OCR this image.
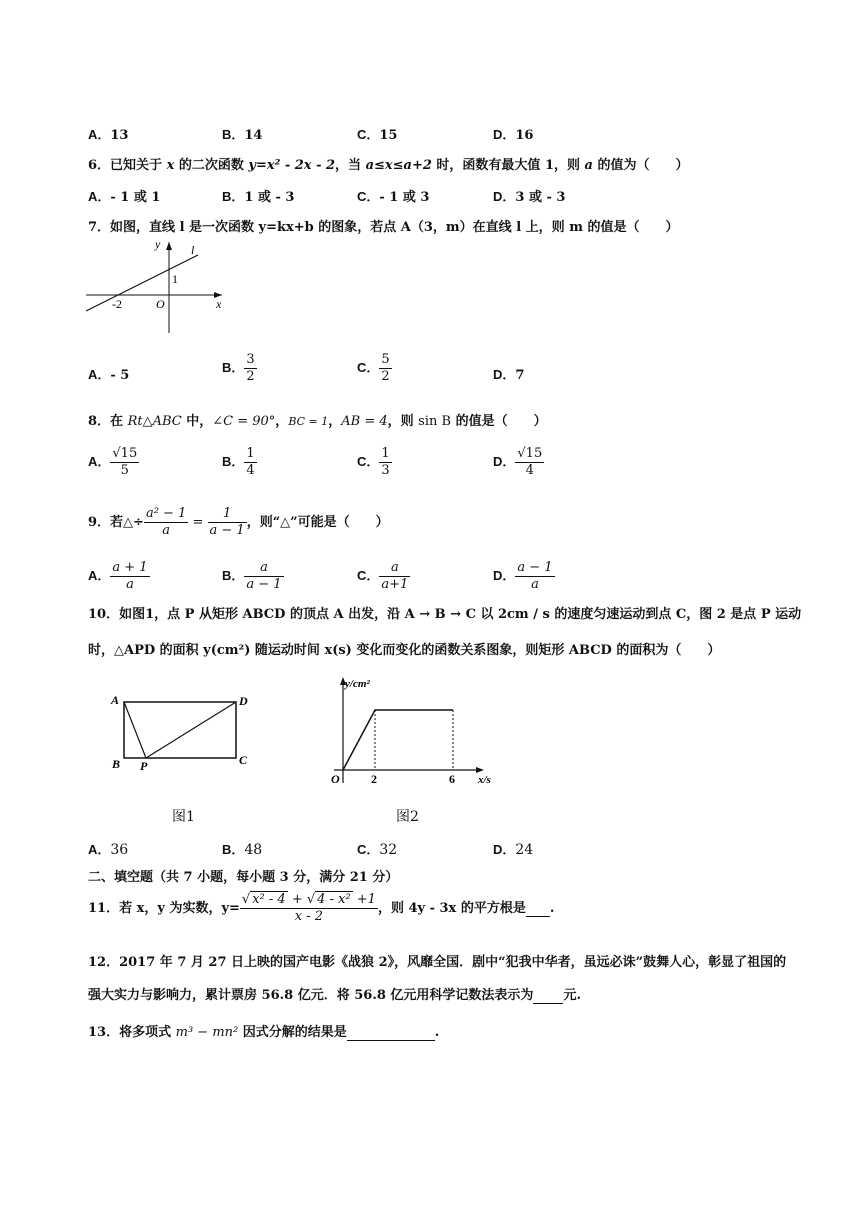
A．13	B．14	C．15	D．16
6．已知关于 x 的二次函数 y=x² - 2x - 2，当 a≤x≤a+2 时，函数有最大值 1，则 a 的值为（　　）
A．- 1 或 1	B．1 或 - 3	C．- 1 或 3	D．3 或 - 3
7．如图，直线 l 是一次函数 y=kx+b 的图象，若点 A（3，m）在直线 l 上，则 m 的值是（　　）
y
x
l
1
-2	O
A．- 5
B． $\frac{3}{2}$	C． $\frac{5}{2}$	D．7
8．在 Rt△ABC 中，∠C = 90°，BC = 1，AB = 4，则 sin B 的值是（　　）
A． $\frac{√15}{5}$	B． $\frac{1}{4}$	C． $\frac{1}{3}$	D． $\frac{√15}{4}$
9．若△÷ $\frac{\text{a² − 1}}{a} = \frac{1}{a - 1}$ ，则“△”可能是（　　）
A． $\frac{a + 1}{a}$	B． $\frac{a}{a - 1}$	C． $\frac{a}{a+1}$	D． $\frac{a - 1}{a}$
10．如图1，点 P 从矩形 ABCD 的顶点 A 出发，沿 A → B → C 以 2cm / s 的速度匀速运动到点 C，图 2 是点 P 运动
时，△APD 的面积 y(cm²) 随运动时间 x(s) 变化而变化的函数关系图象，则矩形 ABCD 的面积为（　　）
A	D
B	C
P
图1
y/cm²
x/s
O	2	6
图2
A．36	B．48	C．32	D．24
二、填空题（共 7 小题，每小题 3 分，满分 21 分）
11．若 x，y 为实数，$y= \frac{\text{√ x² - 4 + √ 4 - x² +1}}{x - 2}$ ，则 4y - 3x 的平方根是 .
12．2017 年 7 月 27 日上映的国产电影《战狼 2》，风靡全国．剧中“犯我中华者，虽远必诛”鼓舞人心，彰显了祖国的
强大实力与影响力，累计票房 56.8 亿元．将 56.8 亿元用科学记数法表示为 元.
13．将多项式 m³ − mn² 因式分解的结果是	.
